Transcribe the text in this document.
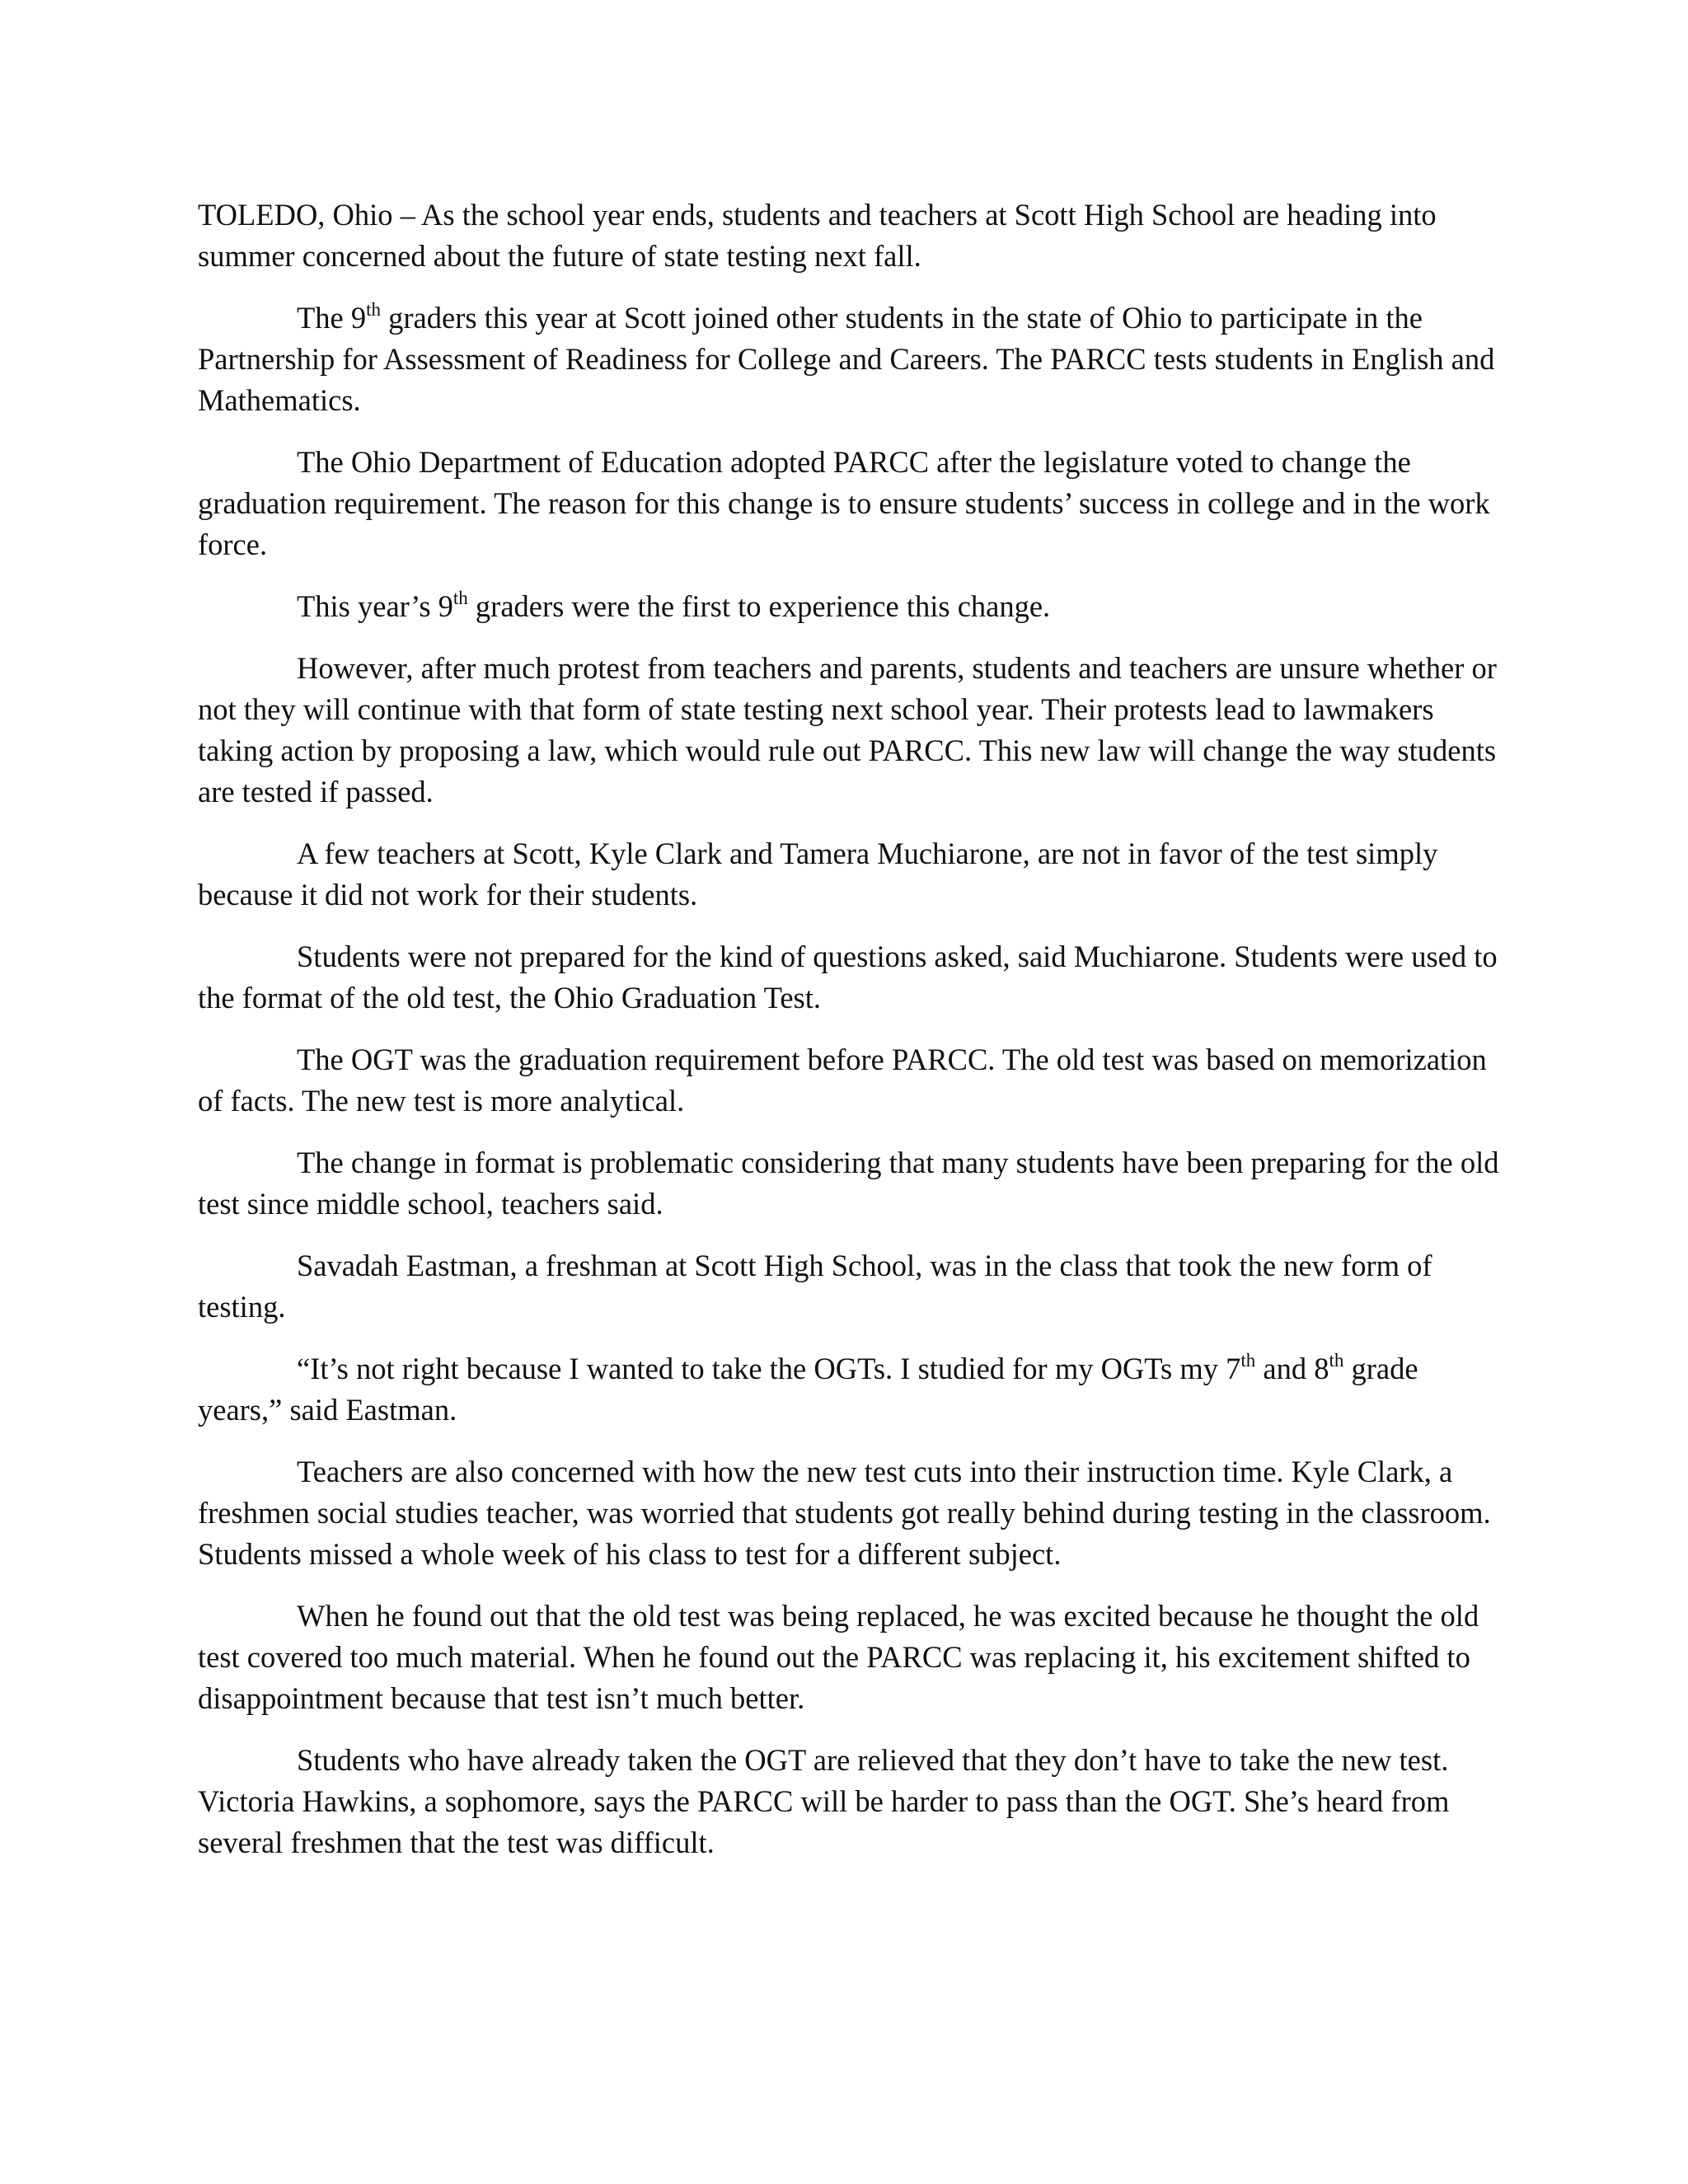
TOLEDO, Ohio – As the school year ends, students and teachers at Scott High School are heading into summer concerned about the future of state testing next fall.

The 9th graders this year at Scott joined other students in the state of Ohio to participate in the Partnership for Assessment of Readiness for College and Careers. The PARCC tests students in English and Mathematics.

The Ohio Department of Education adopted PARCC after the legislature voted to change the graduation requirement. The reason for this change is to ensure students’ success in college and in the work force.

This year’s 9th graders were the first to experience this change.

However, after much protest from teachers and parents, students and teachers are unsure whether or not they will continue with that form of state testing next school year. Their protests lead to lawmakers taking action by proposing a law, which would rule out PARCC. This new law will change the way students are tested if passed.

A few teachers at Scott, Kyle Clark and Tamera Muchiarone, are not in favor of the test simply because it did not work for their students.

Students were not prepared for the kind of questions asked, said Muchiarone. Students were used to the format of the old test, the Ohio Graduation Test.

The OGT was the graduation requirement before PARCC. The old test was based on memorization of facts. The new test is more analytical.

The change in format is problematic considering that many students have been preparing for the old test since middle school, teachers said.

Savadah Eastman, a freshman at Scott High School, was in the class that took the new form of testing.

“It’s not right because I wanted to take the OGTs. I studied for my OGTs my 7th and 8th grade years,” said Eastman.

Teachers are also concerned with how the new test cuts into their instruction time. Kyle Clark, a freshmen social studies teacher, was worried that students got really behind during testing in the classroom. Students missed a whole week of his class to test for a different subject.

When he found out that the old test was being replaced, he was excited because he thought the old test covered too much material. When he found out the PARCC was replacing it, his excitement shifted to disappointment because that test isn’t much better.

Students who have already taken the OGT are relieved that they don’t have to take the new test. Victoria Hawkins, a sophomore, says the PARCC will be harder to pass than the OGT. She’s heard from several freshmen that the test was difficult.
